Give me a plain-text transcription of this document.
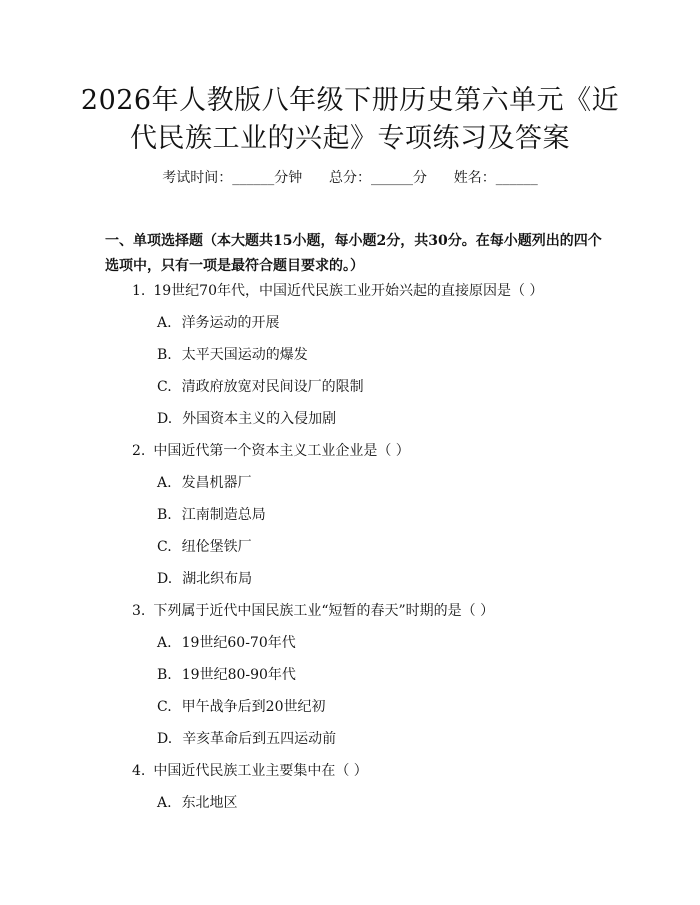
2026年人教版八年级下册历史第六单元《近代民族工业的兴起》专项练习及答案
考试时间：______分钟      总分：______分      姓名：______
一、单项选择题（本大题共15小题，每小题2分，共30分。在每小题列出的四个选项中，只有一项是最符合题目要求的。）
1. 19世纪70年代，中国近代民族工业开始兴起的直接原因是（ ）
A. 洋务运动的开展
B. 太平天国运动的爆发
C. 清政府放宽对民间设厂的限制
D. 外国资本主义的入侵加剧
2. 中国近代第一个资本主义工业企业是（ ）
A. 发昌机器厂
B. 江南制造总局
C. 纽伦堡铁厂
D. 湖北织布局
3. 下列属于近代中国民族工业“短暂的春天”时期的是（ ）
A. 19世纪60-70年代
B. 19世纪80-90年代
C. 甲午战争后到20世纪初
D. 辛亥革命后到五四运动前
4. 中国近代民族工业主要集中在（ ）
A. 东北地区
